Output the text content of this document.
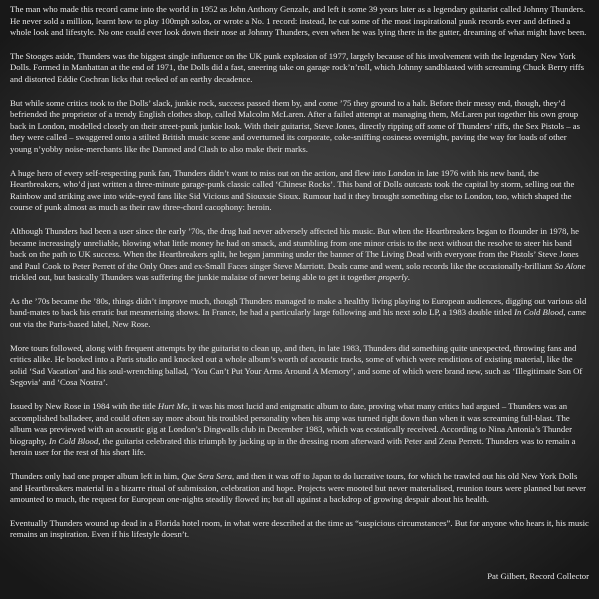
The man who made this record came into the world in 1952 as John Anthony Genzale, and left it some 39 years later as a legendary guitarist called Johnny Thunders. He never sold a million, learnt how to play 100mph solos, or wrote a No. 1 record: instead, he cut some of the most inspirational punk records ever and defined a whole look and lifestyle. No one could ever look down their nose at Johnny Thunders, even when he was lying there in the gutter, dreaming of what might have been.

The Stooges aside, Thunders was the biggest single influence on the UK punk explosion of 1977, largely because of his involvement with the legendary New York Dolls. Formed in Manhattan at the end of 1971, the Dolls did a fast, sneering take on garage rock’n’roll, which Johnny sandblasted with screaming Chuck Berry riffs and distorted Eddie Cochran licks that reeked of an earthy decadence.

But while some critics took to the Dolls’ slack, junkie rock, success passed them by, and come ’75 they ground to a halt. Before their messy end, though, they’d befriended the proprietor of a trendy English clothes shop, called Malcolm McLaren. After a failed attempt at managing them, McLaren put together his own group back in London, modelled closely on their street-punk junkie look. With their guitarist, Steve Jones, directly ripping off some of Thunders’ riffs, the Sex Pistols – as they were called – swaggered onto a stilted British music scene and overturned its corporate, coke-sniffing cosiness overnight, paving the way for loads of other young n’yobby noise-merchants like the Damned and Clash to also make their marks.

A huge hero of every self-respecting punk fan, Thunders didn’t want to miss out on the action, and flew into London in late 1976 with his new band, the Heartbreakers, who’d just written a three-minute garage-punk classic called ‘Chinese Rocks’. This band of Dolls outcasts took the capital by storm, selling out the Rainbow and striking awe into wide-eyed fans like Sid Vicious and Siouxsie Sioux. Rumour had it they brought something else to London, too, which shaped the course of punk almost as much as their raw three-chord cacophony: heroin.

Although Thunders had been a user since the early ’70s, the drug had never adversely affected his music. But when the Heartbreakers began to flounder in 1978, he became increasingly unreliable, blowing what little money he had on smack, and stumbling from one minor crisis to the next without the resolve to steer his band back on the path to UK success. When the Heartbreakers split, he began jamming under the banner of The Living Dead with everyone from the Pistols’ Steve Jones and Paul Cook to Peter Perrett of the Only Ones and ex-Small Faces singer Steve Marriott. Deals came and went, solo records like the occasionally-brilliant So Alone trickled out, but basically Thunders was suffering the junkie malaise of never being able to get it together properly.

As the ’70s became the ’80s, things didn’t improve much, though Thunders managed to make a healthy living playing to European audiences, digging out various old band-mates to back his erratic but mesmerising shows. In France, he had a particularly large following and his next solo LP, a 1983 double titled In Cold Blood, came out via the Paris-based label, New Rose.

More tours followed, along with frequent attempts by the guitarist to clean up, and then, in late 1983, Thunders did something quite unexpected, throwing fans and critics alike. He booked into a Paris studio and knocked out a whole album’s worth of acoustic tracks, some of which were renditions of existing material, like the solid ‘Sad Vacation’ and his soul-wrenching ballad, ‘You Can’t Put Your Arms Around A Memory’, and some of which were brand new, such as ‘Illegitimate Son Of Segovia’ and ‘Cosa Nostra’.

Issued by New Rose in 1984 with the title Hurt Me, it was his most lucid and enigmatic album to date, proving what many critics had argued – Thunders was an accomplished balladeer, and could often say more about his troubled personality when his amp was turned right down than when it was screaming full-blast. The album was previewed with an acoustic gig at London’s Dingwalls club in December 1983, which was ecstatically received. According to Nina Antonia’s Thunder biography, In Cold Blood, the guitarist celebrated this triumph by jacking up in the dressing room afterward with Peter and Zena Perrett. Thunders was to remain a heroin user for the rest of his short life.

Thunders only had one proper album left in him, Que Sera Sera, and then it was off to Japan to do lucrative tours, for which he trawled out his old New York Dolls and Heartbreakers material in a bizarre ritual of submission, celebration and hope. Projects were mooted but never materialised, reunion tours were planned but never amounted to much, the request for European one-nights steadily flowed in; but all against a backdrop of growing despair about his health.

Eventually Thunders wound up dead in a Florida hotel room, in what were described at the time as “suspicious circumstances”. But for anyone who hears it, his music remains an inspiration. Even if his lifestyle doesn’t.

Pat Gilbert, Record Collector
